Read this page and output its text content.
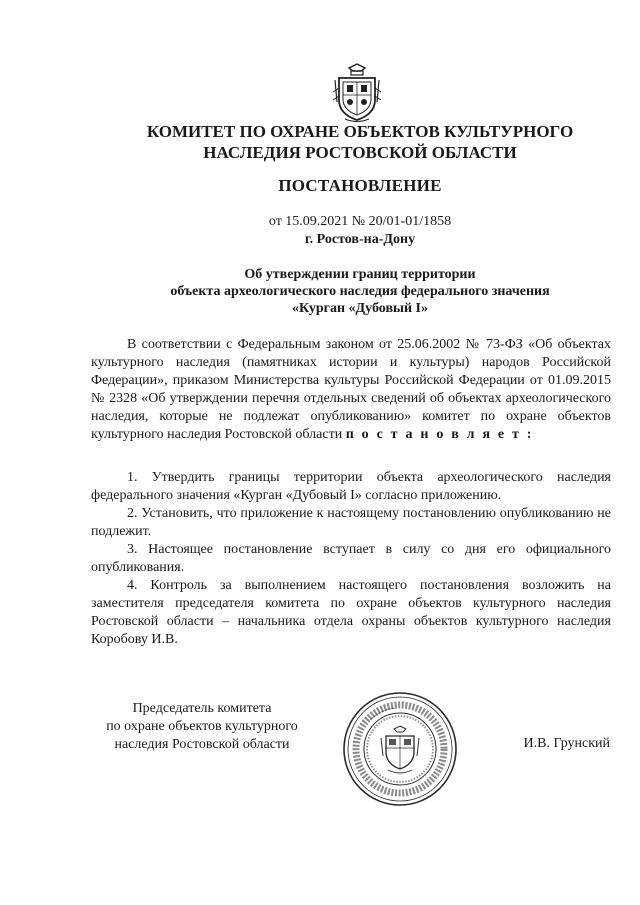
КОМИТЕТ ПО ОХРАНЕ ОБЪЕКТОВ КУЛЬТУРНОГО
НАСЛЕДИЯ РОСТОВСКОЙ ОБЛАСТИ
ПОСТАНОВЛЕНИЕ
от 15.09.2021 № 20/01-01/1858
г. Ростов-на-Дону
Об утверждении границ территории
объекта археологического наследия федерального значения
«Курган «Дубовый I»

В соответствии с Федеральным законом от 25.06.2002 № 73-ФЗ «Об объектах культурного наследия (памятниках истории и культуры) народов Российской Федерации», приказом Министерства культуры Российской Федерации от 01.09.2015 № 2328 «Об утверждении перечня отдельных сведений об объектах археологического наследия, которые не подлежат опубликованию» комитет по охране объектов культурного наследия Ростовской области п о с т а н о в л я е т :

1. Утвердить границы территории объекта археологического наследия федерального значения «Курган «Дубовый I» согласно приложению.

2. Установить, что приложение к настоящему постановлению опубликованию не подлежит.

3. Настоящее постановление вступает в силу со дня его официального опубликования.

4. Контроль за выполнением настоящего постановления возложить на заместителя председателя комитета по охране объектов культурного наследия Ростовской области – начальника отдела охраны объектов культурного наследия Коробову И.В.

Председатель комитета
по охране объектов культурного
наследия Ростовской области	И.В. Грунский
